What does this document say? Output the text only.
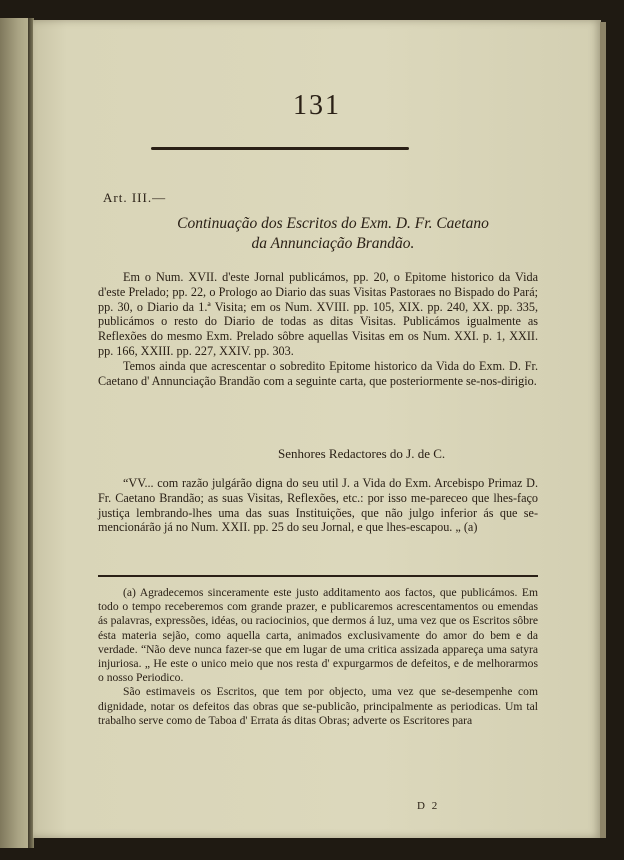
131
Art. III.—
Continuação dos Escritos do Exm. D. Fr. Caetano
da Annunciação Brandão.

Em o Num. XVII. d'este Jornal publicámos, pp. 20, o Epitome historico da Vida d'este Prelado; pp. 22, o Prologo ao Diario das suas Visitas Pastoraes no Bispado do Pará; pp. 30, o Diario da 1.ª Visita; em os Num. XVIII. pp. 105, XIX. pp. 240, XX. pp. 335, publicámos o resto do Diario de todas as ditas Visitas. Publicámos igualmente as Reflexões do mesmo Exm. Prelado sôbre aquellas Visitas em os Num. XXI. p. 1, XXII. pp. 166, XXIII. pp. 227, XXIV. pp. 303.

Temos ainda que acrescentar o sobredito Epitome historico da Vida do Exm. D. Fr. Caetano d' Annunciação Brandão com a seguinte carta, que posteriormente se-nos-dirigio.

Senhores Redactores do J. de C.

“VV... com razão julgárão digna do seu util J. a Vida do Exm. Arcebispo Primaz D. Fr. Caetano Brandão; as suas Visitas, Reflexões, etc.: por isso me-pareceo que lhes-faço justiça lembrando-lhes uma das suas Instituições, que não julgo inferior ás que se-mencionárão já no Num. XXII. pp. 25 do seu Jornal, e que lhes-escapou. „ (a)

(a) Agradecemos sinceramente este justo additamento aos factos, que publicámos. Em todo o tempo receberemos com grande prazer, e publicaremos acrescentamentos ou emendas ás palavras, expressões, idéas, ou raciocinios, que dermos á luz, uma vez que os Escritos sôbre ésta materia sejão, como aquella carta, animados exclusivamente do amor do bem e da verdade. “Não deve nunca fazer-se que em lugar de uma critica assizada appareça uma satyra injuriosa. „ He este o unico meio que nos resta d' expurgarmos de defeitos, e de melhorarmos o nosso Periodico.

São estimaveis os Escritos, que tem por objecto, uma vez que se-desempenhe com dignidade, notar os defeitos das obras que se-publicão, principalmente as periodicas. Um tal trabalho serve como de Taboa d' Errata ás ditas Obras; adverte os Escritores para

D 2
